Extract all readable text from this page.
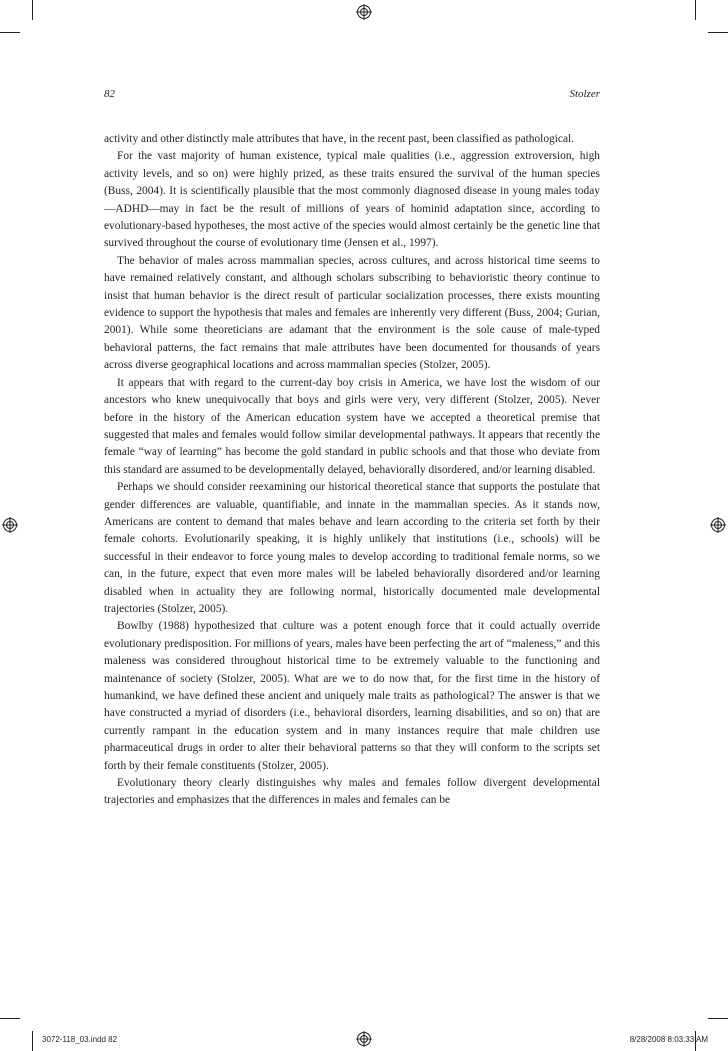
82	Stolzer

activity and other distinctly male attributes that have, in the recent past, been classified as pathological.

For the vast majority of human existence, typical male qualities (i.e., aggression extroversion, high activity levels, and so on) were highly prized, as these traits ensured the survival of the human species (Buss, 2004). It is scientifically plausible that the most commonly diagnosed disease in young males today—ADHD—may in fact be the result of millions of years of hominid adaptation since, according to evolutionary-based hypotheses, the most active of the species would almost certainly be the genetic line that survived throughout the course of evolutionary time (Jensen et al., 1997).

The behavior of males across mammalian species, across cultures, and across historical time seems to have remained relatively constant, and although scholars subscribing to behavioristic theory continue to insist that human behavior is the direct result of particular socialization processes, there exists mounting evidence to support the hypothesis that males and females are inherently very different (Buss, 2004; Gurian, 2001). While some theoreticians are adamant that the environment is the sole cause of male-typed behavioral patterns, the fact remains that male attributes have been documented for thousands of years across diverse geographical locations and across mammalian species (Stolzer, 2005).

It appears that with regard to the current-day boy crisis in America, we have lost the wisdom of our ancestors who knew unequivocally that boys and girls were very, very different (Stolzer, 2005). Never before in the history of the American education system have we accepted a theoretical premise that suggested that males and females would follow similar developmental pathways. It appears that recently the female “way of learning” has become the gold standard in public schools and that those who deviate from this standard are assumed to be developmentally delayed, behaviorally disordered, and/or learning disabled.

Perhaps we should consider reexamining our historical theoretical stance that supports the postulate that gender differences are valuable, quantifiable, and innate in the mammalian species. As it stands now, Americans are content to demand that males behave and learn according to the criteria set forth by their female cohorts. Evolutionarily speaking, it is highly unlikely that institutions (i.e., schools) will be successful in their endeavor to force young males to develop according to traditional female norms, so we can, in the future, expect that even more males will be labeled behaviorally disordered and/or learning disabled when in actuality they are following normal, historically documented male developmental trajectories (Stolzer, 2005).

Bowlby (1988) hypothesized that culture was a potent enough force that it could actually override evolutionary predisposition. For millions of years, males have been perfecting the art of “maleness,” and this maleness was considered throughout historical time to be extremely valuable to the functioning and maintenance of society (Stolzer, 2005). What are we to do now that, for the first time in the history of humankind, we have defined these ancient and uniquely male traits as pathological? The answer is that we have constructed a myriad of disorders (i.e., behavioral disorders, learning disabilities, and so on) that are currently rampant in the education system and in many instances require that male children use pharmaceutical drugs in order to alter their behavioral patterns so that they will conform to the scripts set forth by their female constituents (Stolzer, 2005).

Evolutionary theory clearly distinguishes why males and females follow divergent developmental trajectories and emphasizes that the differences in males and females can be

3072-118_03.indd 82	8/28/2008 8:03:33 AM
